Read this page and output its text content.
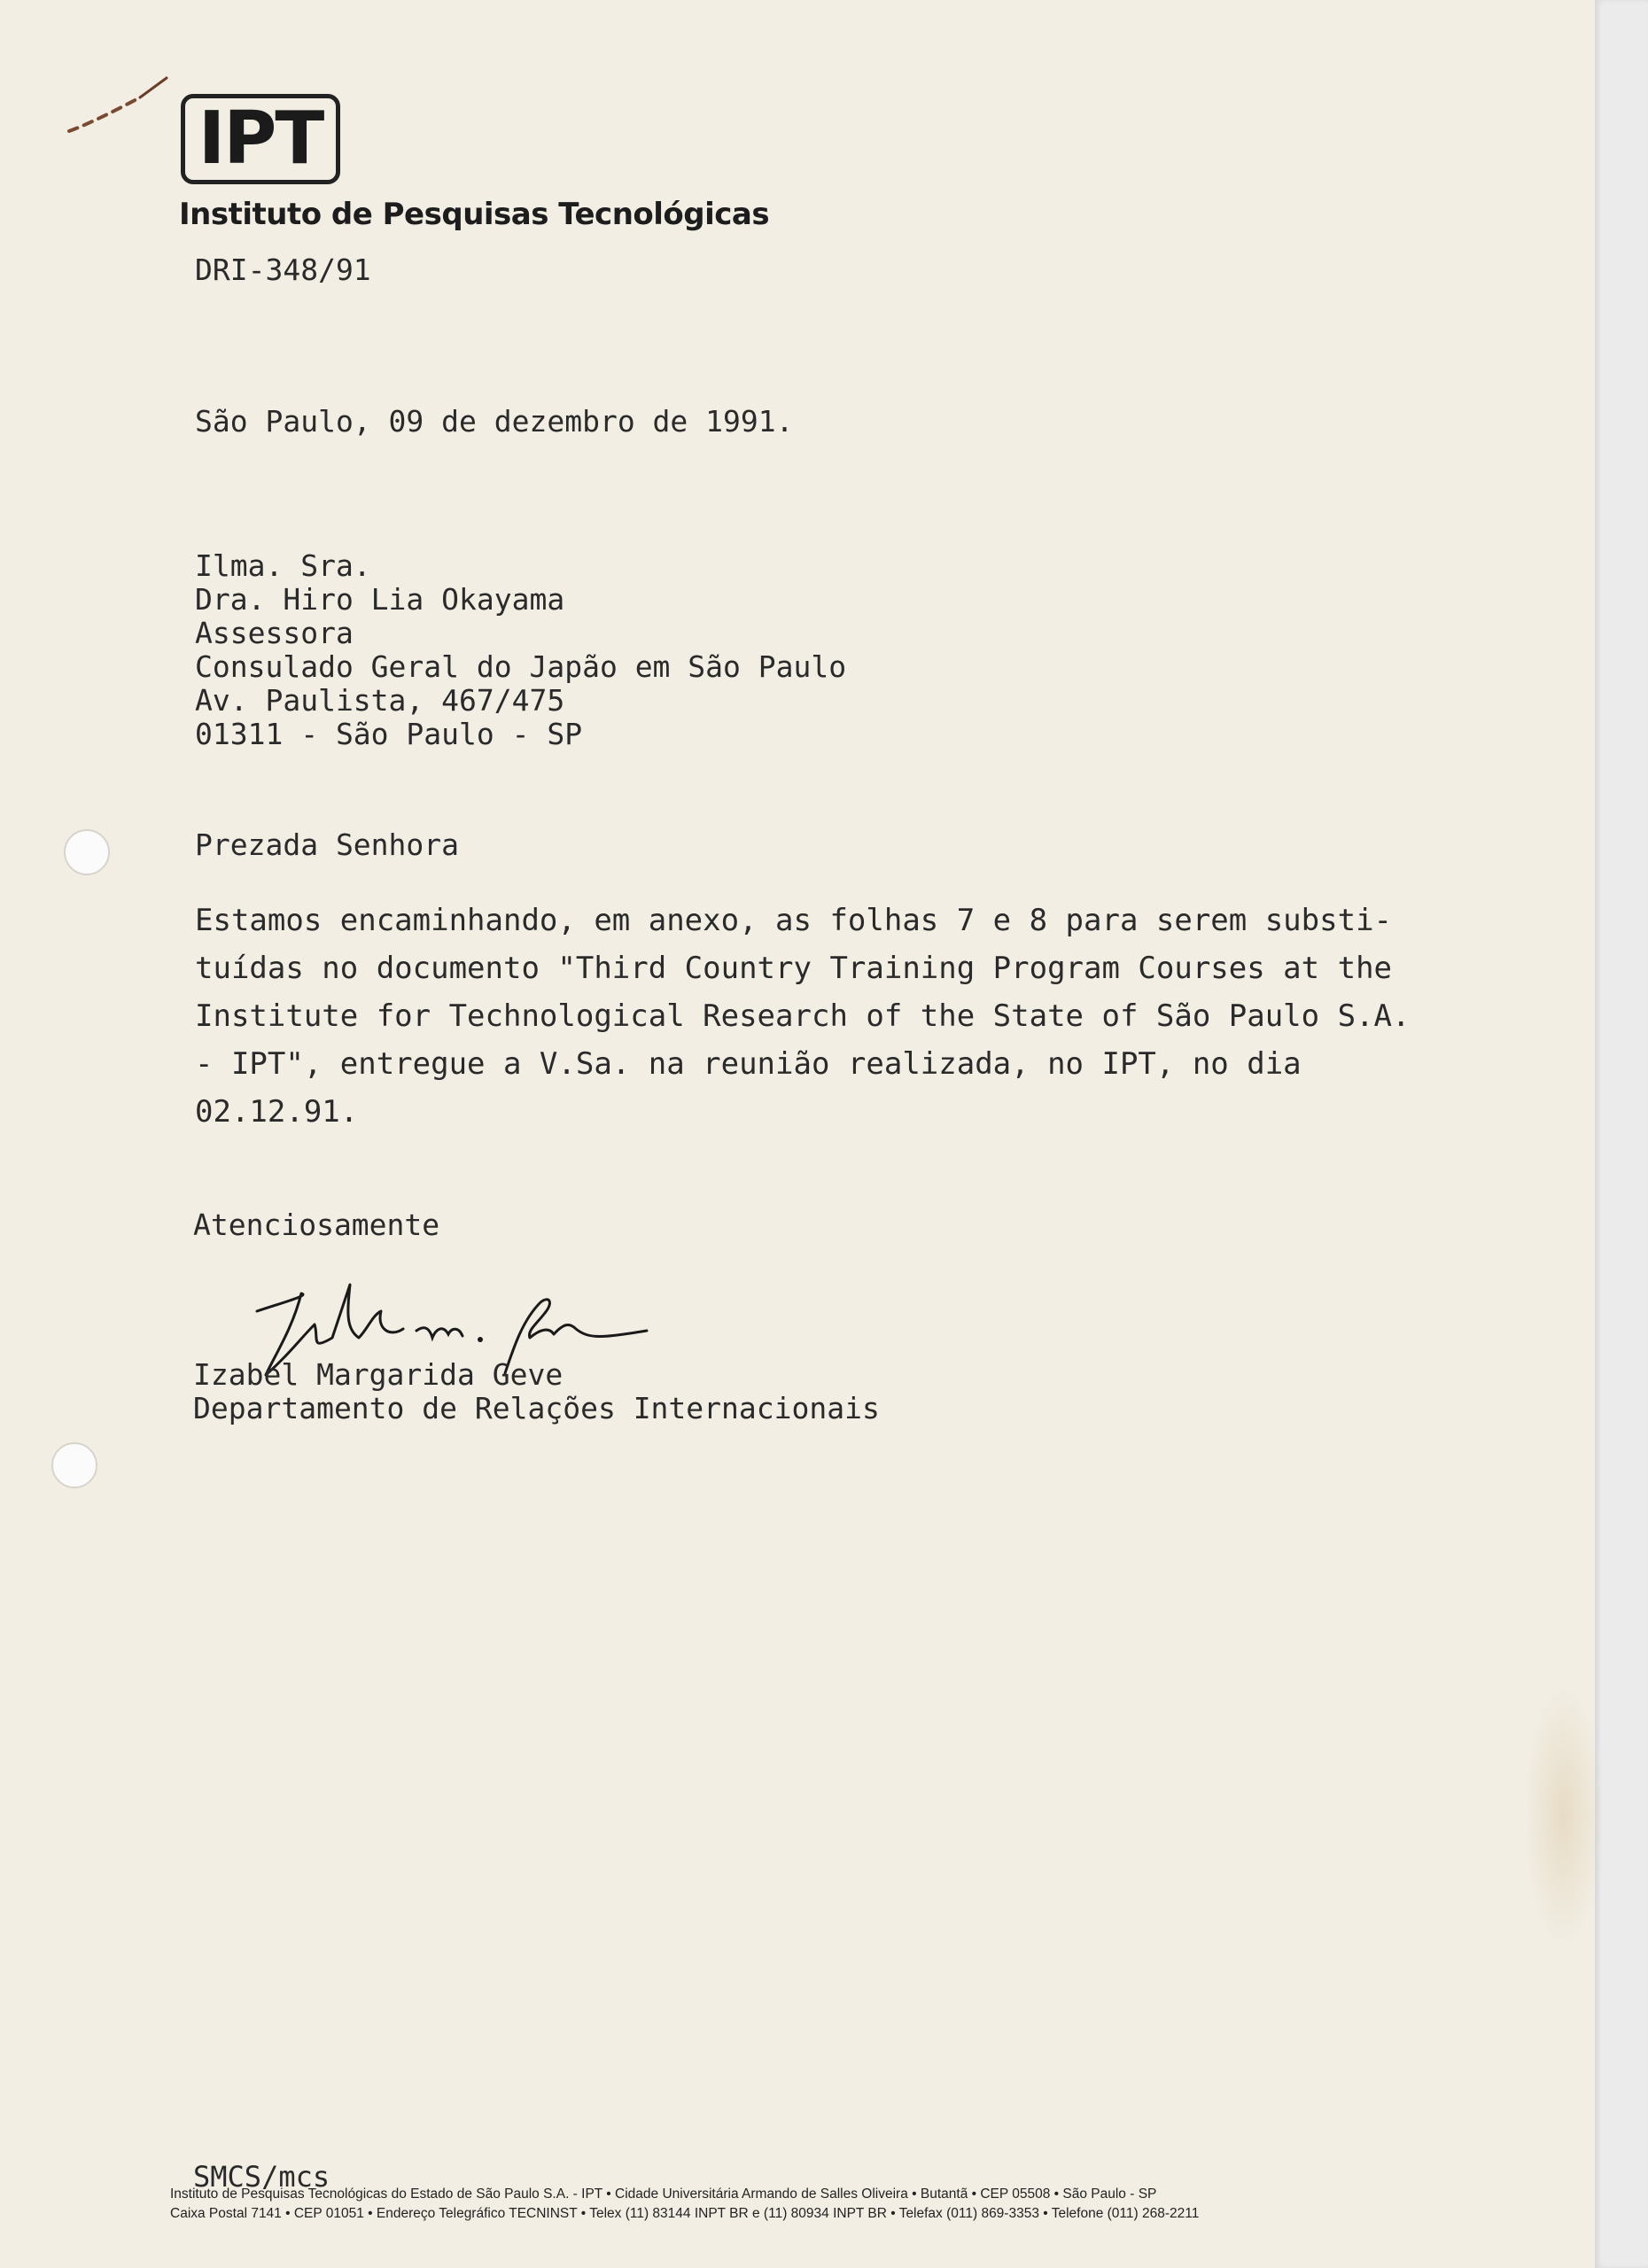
IPT
Instituto de Pesquisas Tecnológicas
DRI-348/91
São Paulo, 09 de dezembro de 1991.
Ilma. Sra.
Dra. Hiro Lia Okayama
Assessora
Consulado Geral do Japão em São Paulo
Av. Paulista, 467/475
01311 - São Paulo - SP
Prezada Senhora
Estamos encaminhando, em anexo, as folhas 7 e 8 para serem substi-
tuídas no documento "Third Country Training Program Courses at the
Institute for Technological Research of the State of São Paulo S.A.
- IPT", entregue a V.Sa. na reunião realizada, no IPT, no dia
02.12.91.
Atenciosamente
Izabel Margarida Geve
Departamento de Relações Internacionais
SMCS/mcs
Instituto de Pesquisas Tecnológicas do Estado de São Paulo S.A. - IPT • Cidade Universitária Armando de Salles Oliveira • Butantã • CEP 05508 • São Paulo - SP
Caixa Postal 7141 • CEP 01051 • Endereço Telegráfico TECNINST • Telex (11) 83144 INPT BR e (11) 80934 INPT BR • Telefax (011) 869-3353 • Telefone (011) 268-2211
